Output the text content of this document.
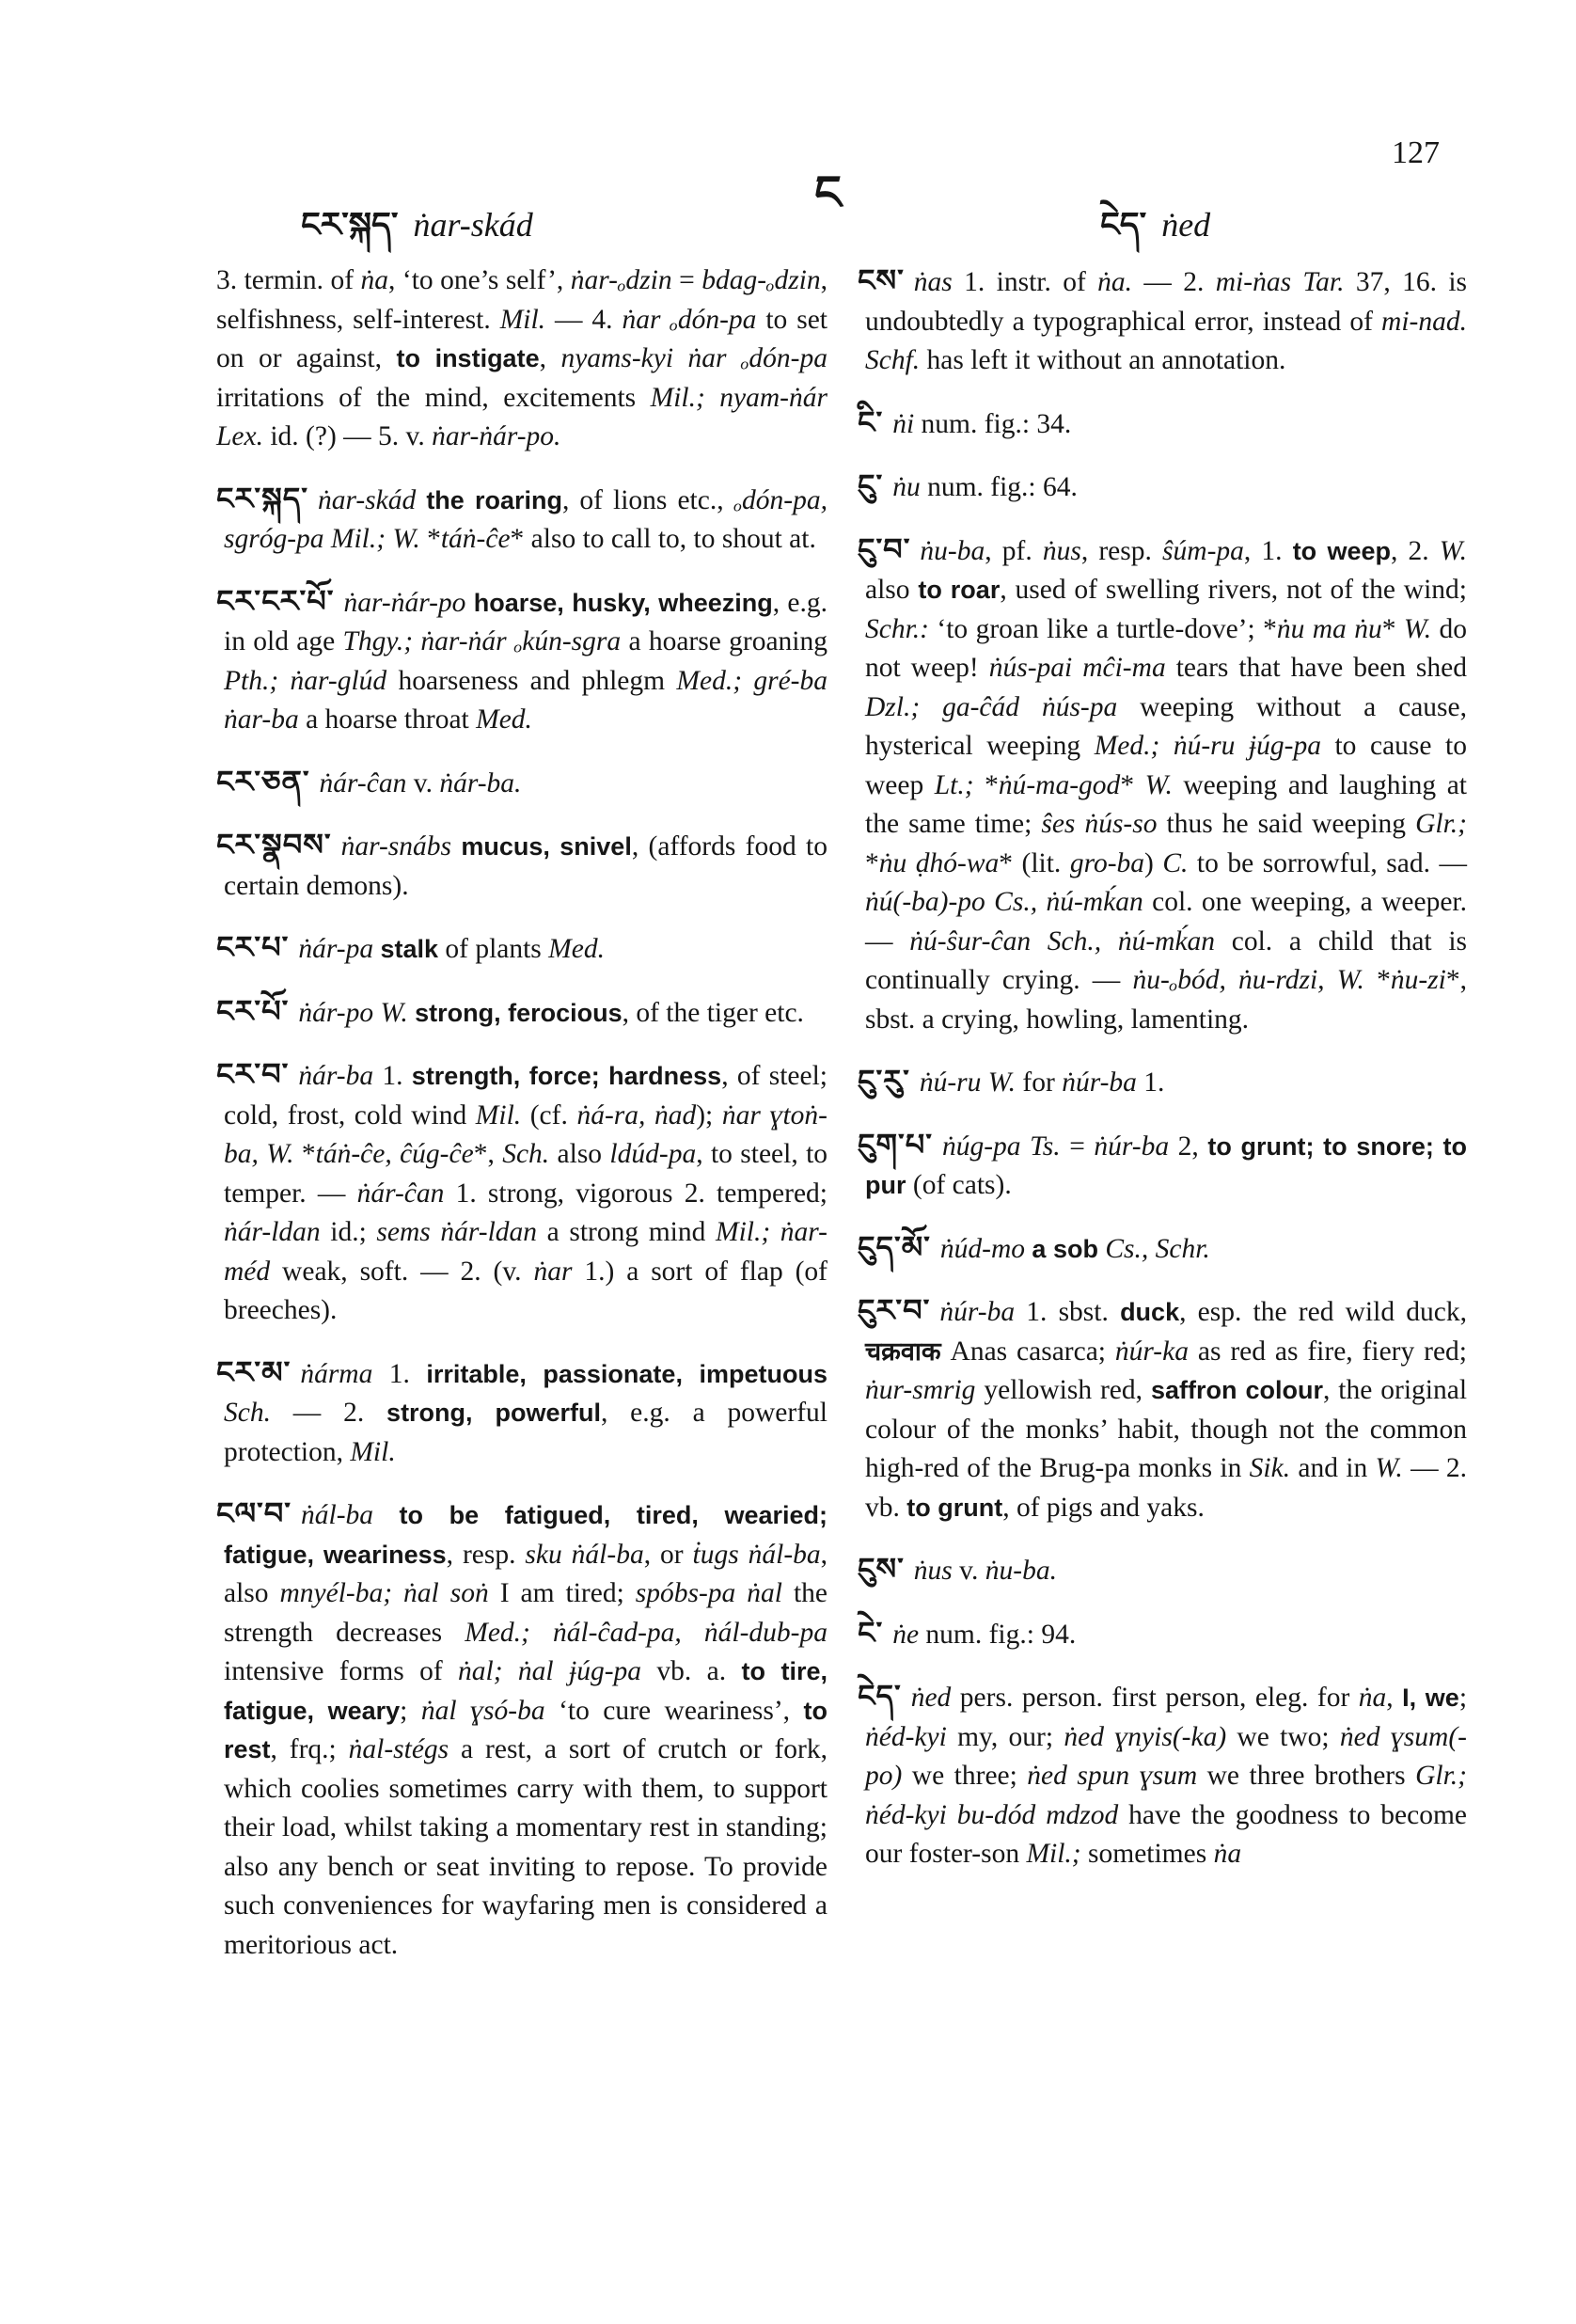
ངར་སྐད་ ṅar-skád
ང
ངེད་ ṅed
127

3. termin. of ṅa, ‘to one’s self’, ṅar-ₒdzin = bdag-ₒdzin, selfishness, self-interest. Mil. — 4. ṅar ₒdón-pa to set on or against, to instigate, nyams-kyi ṅar ₒdón-pa irritations of the mind, excitements Mil.; nyam-ṅár Lex. id. (?) — 5. v. ṅar-ṅár-po.

ངར་སྐད་ ṅar-skád the roaring, of lions etc., ₒdón-pa, sgróg-pa Mil.; W. *táṅ-ĉe* also to call to, to shout at.

ངར་ངར་པོ་ ṅar-ṅár-po hoarse, husky, wheezing, e.g. in old age Thgy.; ṅar-ṅár ₒkún-sgra a hoarse groaning Pth.; ṅar-glúd hoarseness and phlegm Med.; gré-ba ṅar-ba a hoarse throat Med.

ངར་ཅན་ ṅár-ĉan v. ṅár-ba.

ངར་སྣབས་ ṅar-snábs mucus, snivel, (affords food to certain demons).

ངར་པ་ ṅár-pa stalk of plants Med.

ངར་པོ་ ṅár-po W. strong, ferocious, of the tiger etc.

ངར་བ་ ṅár-ba 1. strength, force; hardness, of steel; cold, frost, cold wind Mil. (cf. ṅá-ra, ṅad); ṅar ɣtoṅ-ba, W. *táṅ-ĉe, ĉúg-ĉe*, Sch. also ldúd-pa, to steel, to temper. — ṅár-ĉan 1. strong, vigorous 2. tempered; ṅár-ldan id.; sems ṅár-ldan a strong mind Mil.; ṅar-méd weak, soft. — 2. (v. ṅar 1.) a sort of flap (of breeches).

ངར་མ་ ṅárma 1. irritable, passionate, impetuous Sch. — 2. strong, powerful, e.g. a powerful protection, Mil.

ངལ་བ་ ṅál-ba to be fatigued, tired, wearied; fatigue, weariness, resp. sku ṅál-ba, or ṫugs ṅál-ba, also mnyél-ba; ṅal soṅ I am tired; spóbs-pa ṅal the strength decreases Med.; ṅál-ĉad-pa, ṅál-dub-pa intensive forms of ṅal; ṅal ɉúg-pa vb. a. to tire, fatigue, weary; ṅal ɣsó-ba ‘to cure weariness’, to rest, frq.; ṅal-stégs a rest, a sort of crutch or fork, which coolies sometimes carry with them, to support their load, whilst taking a momentary rest in standing; also any bench or seat inviting to repose. To provide such conveniences for wayfaring men is considered a meritorious act.

ངས་ ṅas 1. instr. of ṅa. — 2. mi-ṅas Tar. 37, 16. is undoubtedly a typographical error, instead of mi-nad. Schf. has left it without an annotation.

ངི་ ṅi num. fig.: 34.

ངུ་ ṅu num. fig.: 64.

ངུ་བ་ ṅu-ba, pf. ṅus, resp. ŝúm-pa, 1. to weep, 2. W. also to roar, used of swelling rivers, not of the wind; Schr.: ‘to groan like a turtle-dove’; *ṅu ma ṅu* W. do not weep! ṅús-pai mĉi-ma tears that have been shed Dzl.; ga-ĉád ṅús-pa weeping without a cause, hysterical weeping Med.; ṅú-ru ɉúg-pa to cause to weep Lt.; *ṅú-ma-god* W. weeping and laughing at the same time; ŝes ṅús-so thus he said weeping Glr.; *ṅu ḍhó-wa* (lit. gro-ba) C. to be sorrowful, sad. — ṅú(-ba)-po Cs., ṅú-mḱan col. one weeping, a weeper. — ṅú-ŝur-ĉan Sch., ṅú-mḱan col. a child that is continually crying. — ṅu-ₒbód, ṅu-rdzi, W. *ṅu-zi*, sbst. a crying, howling, lamenting.

ངུ་རུ་ ṅú-ru W. for ṅúr-ba 1.

ངུག་པ་ ṅúg-pa Ts. = ṅúr-ba 2, to grunt; to snore; to pur (of cats).

ངུད་མོ་ ṅúd-mo a sob Cs., Schr.

ངུར་བ་ ṅúr-ba 1. sbst. duck, esp. the red wild duck, चक्रवाक Anas casarca; ṅúr-ka as red as fire, fiery red; ṅur-smrig yellowish red, saffron colour, the original colour of the monks’ habit, though not the common high-red of the Brug-pa monks in Sik. and in W. — 2. vb. to grunt, of pigs and yaks.

ངུས་ ṅus v. ṅu-ba.

ངེ་ ṅe num. fig.: 94.

ངེད་ ṅed pers. person. first person, eleg. for ṅa, I, we; ṅéd-kyi my, our; ṅed ɣnyis(-ka) we two; ṅed ɣsum(-po) we three; ṅed spun ɣsum we three brothers Glr.; ṅéd-kyi bu-dód mdzod have the goodness to become our foster-son Mil.; sometimes ṅa
